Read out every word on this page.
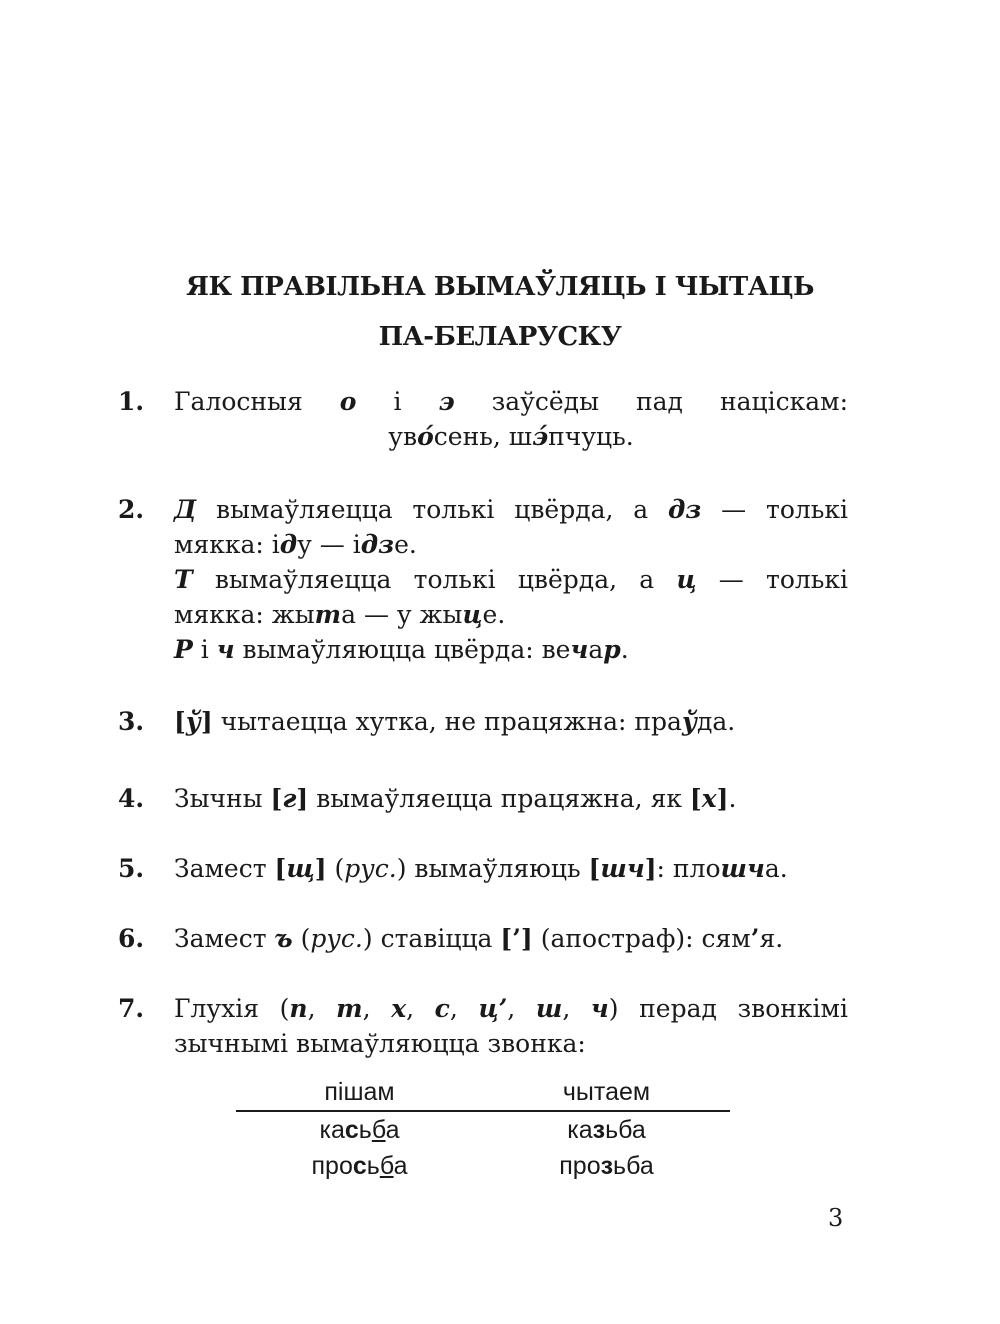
ЯК ПРАВІЛЬНА ВЫМАЎЛЯЦЬ І ЧЫТАЦЬ
ПА-БЕЛАРУСКУ
1. Галосныя о і э заўсёды пад націскам:
уво́сень, шэ́пчуць.
2. Д вымаўляецца толькі цвёрда, а дз — толькі
мякка: іду — ідзе.
Т вымаўляецца толькі цвёрда, а ц — толькі
мякка: жыта — у жыце.
Р і ч вымаўляюцца цвёрда: вечар.
3. [ў] чытаецца хутка, не працяжна: праўда.
4. Зычны [г] вымаўляецца працяжна, як [х].
5. Замест [щ] (рус.) вымаўляюць [шч]: плошча.
6. Замест ъ (рус.) ставіцца [’] (апостраф): сям’я.
7. Глухія (п, т, х, с, ц’, ш, ч) перад звонкімі
зычнымі вымаўляюцца звонка:
пішам	чытаем
касьба	казьба
просьба	прозьба
3
